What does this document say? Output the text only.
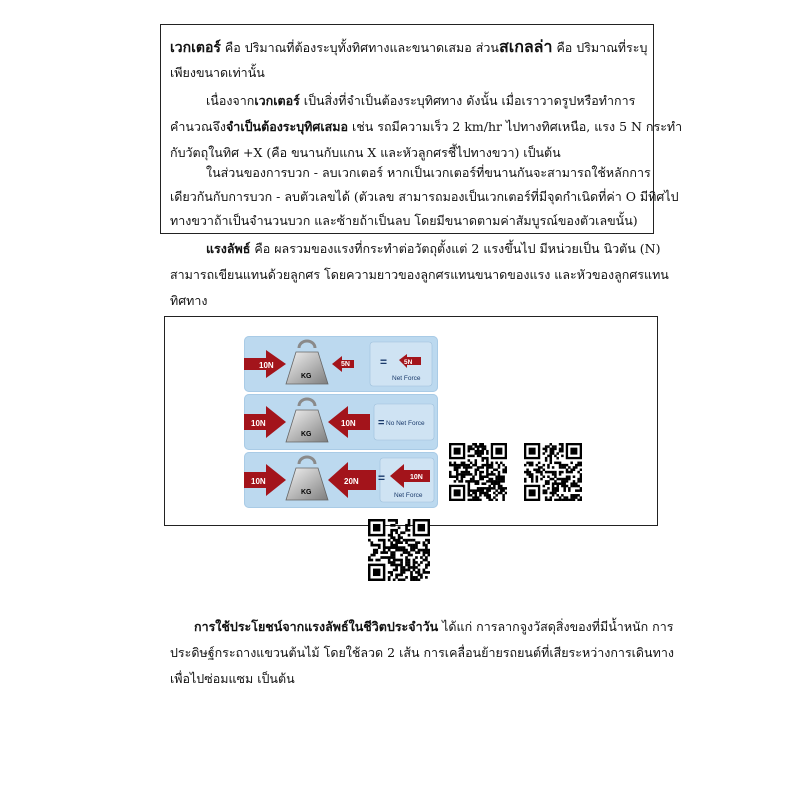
เวกเตอร์ คือ ปริมาณที่ต้องระบุทั้งทิศทางและขนาดเสมอ ส่วนสเกลล่า คือ ปริมาณที่ระบุ
เพียงขนาดเท่านั้น
เนื่องจากเวกเตอร์ เป็นสิ่งที่จำเป็นต้องระบุทิศทาง ดังนั้น เมื่อเราวาดรูปหรือทำการ
คำนวณจึงจำเป็นต้องระบุทิศเสมอ เช่น รถมีความเร็ว 2 km/hr ไปทางทิศเหนือ, แรง 5 N กระทำ
กับวัตถุในทิศ +X (คือ ขนานกับแกน X และหัวลูกศรชี้ไปทางขวา) เป็นต้น
ในส่วนของการบวก - ลบเวกเตอร์ หากเป็นเวกเตอร์ที่ขนานกันจะสามารถใช้หลักการ
เดียวกันกับการบวก - ลบตัวเลขได้ (ตัวเลข สามารถมองเป็นเวกเตอร์ที่มีจุดกำเนิดที่ค่า O มีทิศไป
ทางขวาถ้าเป็นจำนวนบวก และซ้ายถ้าเป็นลบ โดยมีขนาดตามค่าสัมบูรณ์ของตัวเลขนั้น)
แรงลัพธ์ คือ ผลรวมของแรงที่กระทำต่อวัตถุตั้งแต่ 2 แรงขึ้นไป มีหน่วยเป็น นิวตัน (N)
สามารถเขียนแทนด้วยลูกศร โดยความยาวของลูกศรแทนขนาดของแรง และหัวของลูกศรแทน
ทิศทาง
10N
KG
5N	=	5N
Net Force
10N
KG
10N = No Net Force
10N
KG
20N =	10N
Net Force
การใช้ประโยชน์จากแรงลัพธ์ในชีวิตประจำวัน ได้แก่ การลากจูงวัสดุสิ่งของที่มีน้ำหนัก การ
ประดิษฐ์กระถางแขวนต้นไม้ โดยใช้ลวด 2 เส้น การเคลื่อนย้ายรถยนต์ที่เสียระหว่างการเดินทาง
เพื่อไปซ่อมแซม เป็นต้น
